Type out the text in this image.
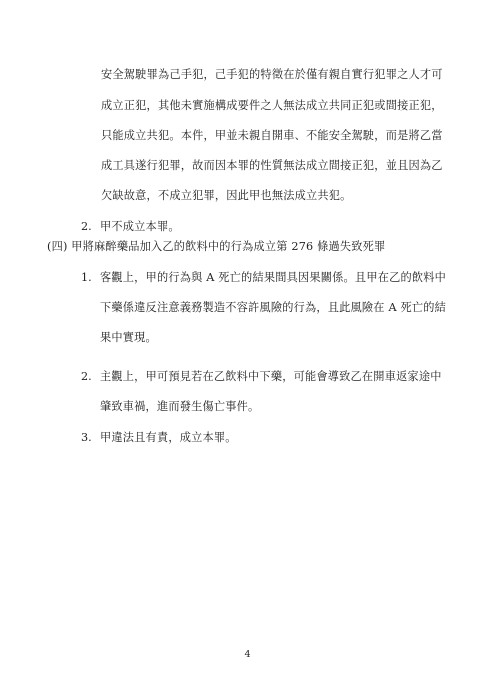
安全駕駛罪為己手犯，己手犯的特徵在於僅有親自實行犯罪之人才可
成立正犯，其他未實施構成要件之人無法成立共同正犯或間接正犯，
只能成立共犯。本件，甲並未親自開車、不能安全駕駛，而是將乙當
成工具遂行犯罪，故而因本罪的性質無法成立間接正犯，並且因為乙
欠缺故意，不成立犯罪，因此甲也無法成立共犯。
2. 甲不成立本罪。
(四) 甲將麻醉藥品加入乙的飲料中的行為成立第 276 條過失致死罪
1. 客觀上，甲的行為與 A 死亡的結果間具因果關係。且甲在乙的飲料中
下藥係違反注意義務製造不容許風險的行為，且此風險在 A 死亡的結
果中實現。
2. 主觀上，甲可預見若在乙飲料中下藥，可能會導致乙在開車返家途中
肇致車禍，進而發生傷亡事件。
3. 甲違法且有責，成立本罪。
4
